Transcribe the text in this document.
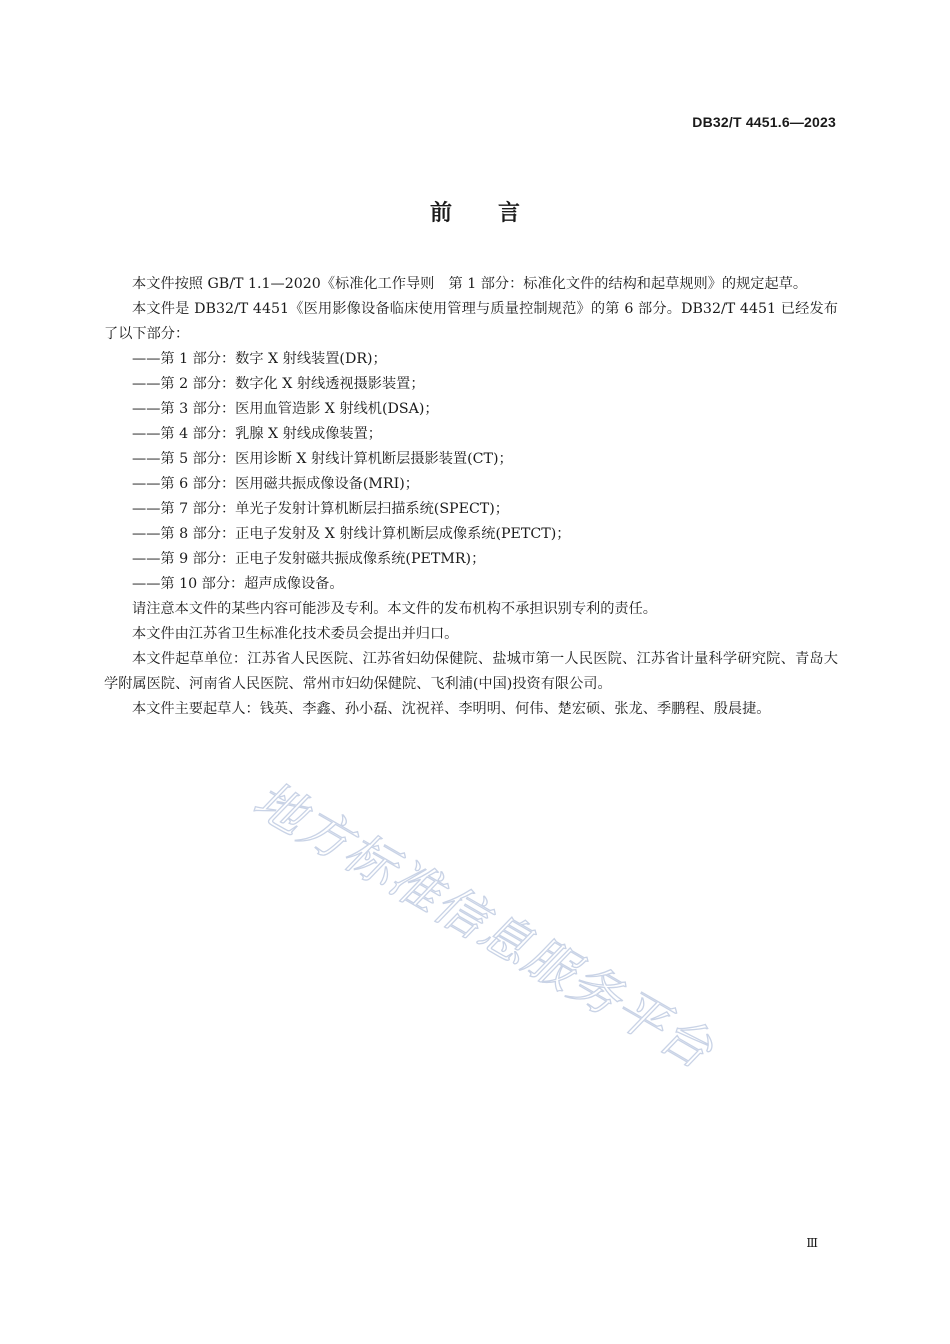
DB32/T 4451.6—2023
前 言

本文件按照 GB/T 1.1—2020《标准化工作导则　第 1 部分：标准化文件的结构和起草规则》的规定起草。

本文件是 DB32/T 4451《医用影像设备临床使用管理与质量控制规范》的第 6 部分。DB32/T 4451 已经发布了以下部分：

——第 1 部分：数字 X 射线装置(DR)；

——第 2 部分：数字化 X 射线透视摄影装置；

——第 3 部分：医用血管造影 X 射线机(DSA)；

——第 4 部分：乳腺 X 射线成像装置；

——第 5 部分：医用诊断 X 射线计算机断层摄影装置(CT)；

——第 6 部分：医用磁共振成像设备(MRI)；

——第 7 部分：单光子发射计算机断层扫描系统(SPECT)；

——第 8 部分：正电子发射及 X 射线计算机断层成像系统(PETCT)；

——第 9 部分：正电子发射磁共振成像系统(PETMR)；

——第 10 部分：超声成像设备。

请注意本文件的某些内容可能涉及专利。本文件的发布机构不承担识别专利的责任。

本文件由江苏省卫生标准化技术委员会提出并归口。

本文件起草单位：江苏省人民医院、江苏省妇幼保健院、盐城市第一人民医院、江苏省计量科学研究院、青岛大学附属医院、河南省人民医院、常州市妇幼保健院、飞利浦(中国)投资有限公司。

本文件主要起草人：钱英、李鑫、孙小磊、沈祝祥、李明明、何伟、楚宏硕、张龙、季鹏程、殷晨捷。

地方标准信息服务平台
Ⅲ
